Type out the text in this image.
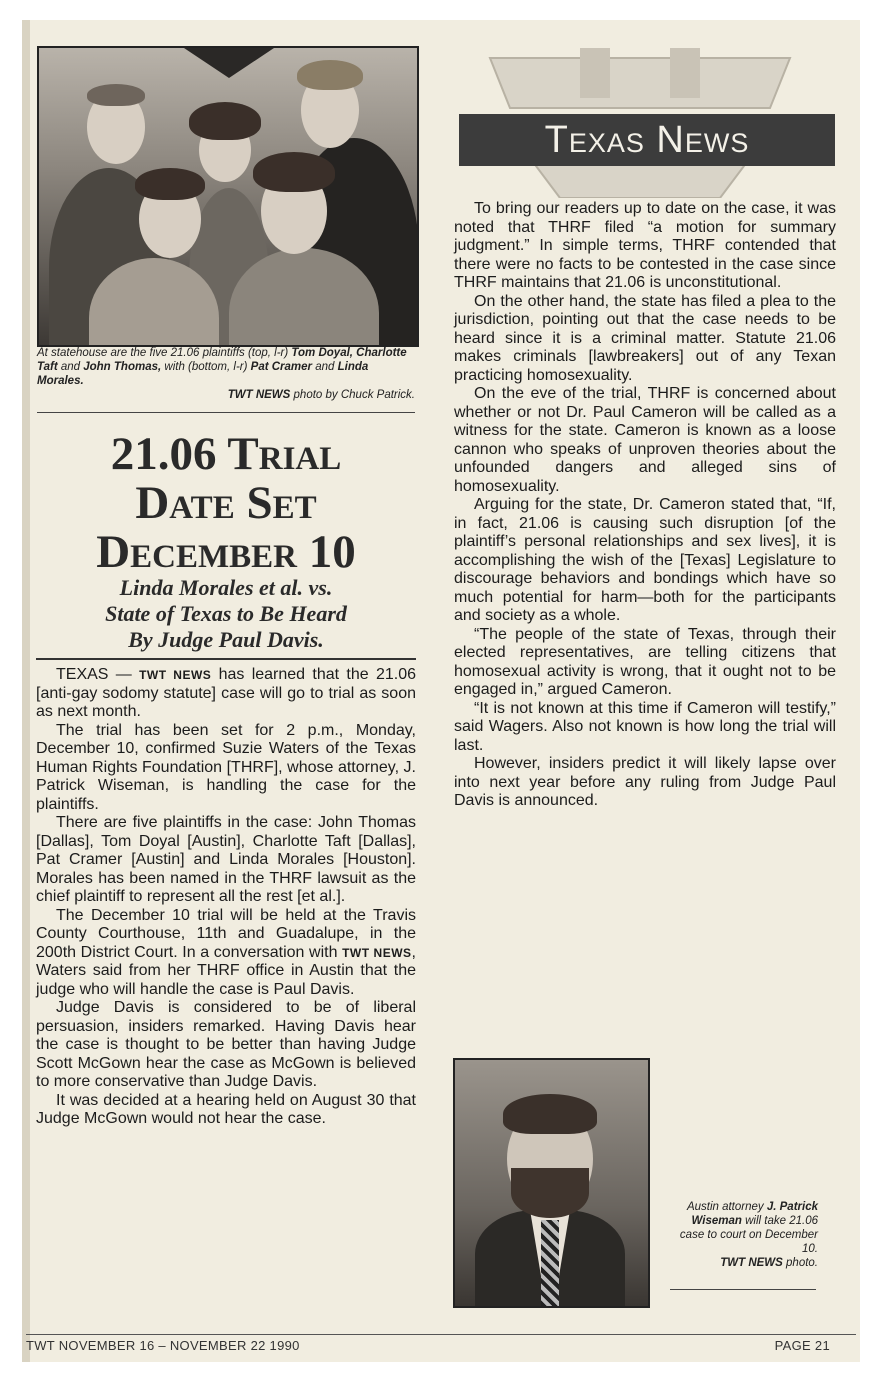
At statehouse are the five 21.06 plaintiffs (top, l-r) Tom Doyal, Charlotte Taft and John Thomas, with (bottom, l-r) Pat Cramer and Linda Morales.
TWT NEWS photo by Chuck Patrick.
21.06 Trial
Date Set
December 10
Linda Morales et al. vs.
State of Texas to Be Heard
By Judge Paul Davis.

TEXAS — TWT NEWS has learned that the 21.06 [anti-gay sodomy statute] case will go to trial as soon as next month.

The trial has been set for 2 p.m., Monday, December 10, confirmed Suzie Waters of the Texas Human Rights Foundation [THRF], whose attorney, J. Patrick Wiseman, is handling the case for the plaintiffs.

There are five plaintiffs in the case: John Thomas [Dallas], Tom Doyal [Austin], Charlotte Taft [Dallas], Pat Cramer [Austin] and Linda Morales [Houston]. Morales has been named in the THRF lawsuit as the chief plaintiff to represent all the rest [et al.].

The December 10 trial will be held at the Travis County Courthouse, 11th and Guadalupe, in the 200th District Court. In a conversation with TWT NEWS, Waters said from her THRF office in Austin that the judge who will handle the case is Paul Davis.

Judge Davis is considered to be of liberal persuasion, insiders remarked. Having Davis hear the case is thought to be better than having Judge Scott McGown hear the case as McGown is believed to more conservative than Judge Davis.

It was decided at a hearing held on August 30 that Judge McGown would not hear the case.

Texas News

To bring our readers up to date on the case, it was noted that THRF filed “a motion for summary judgment.” In simple terms, THRF contended that there were no facts to be contested in the case since THRF maintains that 21.06 is unconstitutional.

On the other hand, the state has filed a plea to the jurisdiction, pointing out that the case needs to be heard since it is a criminal matter. Statute 21.06 makes criminals [lawbreakers] out of any Texan practicing homosexuality.

On the eve of the trial, THRF is concerned about whether or not Dr. Paul Cameron will be called as a witness for the state. Cameron is known as a loose cannon who speaks of unproven theories about the unfounded dangers and alleged sins of homosexuality.

Arguing for the state, Dr. Cameron stated that, “If, in fact, 21.06 is causing such disruption [of the plaintiff’s personal relationships and sex lives], it is accomplishing the wish of the [Texas] Legislature to discourage behaviors and bondings which have so much potential for harm—both for the participants and society as a whole.

“The people of the state of Texas, through their elected representatives, are telling citizens that homosexual activity is wrong, that it ought not to be engaged in,” argued Cameron.

“It is not known at this time if Cameron will testify,” said Wagers. Also not known is how long the trial will last.

However, insiders predict it will likely lapse over into next year before any ruling from Judge Paul Davis is announced.

Austin attorney J. Patrick Wiseman will take 21.06 case to court on December 10.
TWT NEWS photo.
TWT NOVEMBER 16 – NOVEMBER 22 1990	PAGE 21
